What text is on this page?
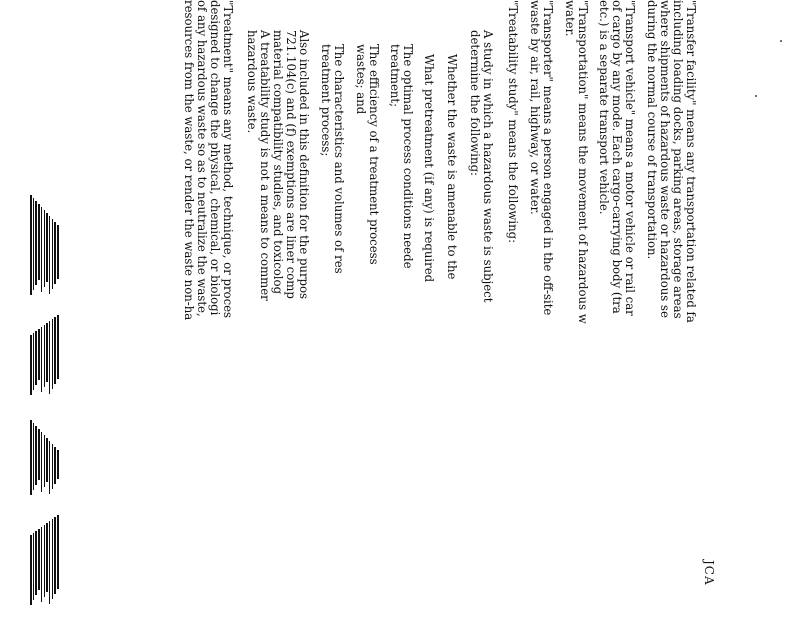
JCA
"Transfer facility" means any transportation related fa
including loading docks, parking areas, storage areas
where shipments of hazardous waste or hazardous se
during the normal course of transportation.
"Transport vehicle" means a motor vehicle or rail car
of cargo by any mode. Each cargo-carrying body (tra
etc.) is a separate transport vehicle.
"Transportation" means the movement of hazardous w
water.
"Transporter" means a person engaged in the off-site
waste by air, rail, highway, or water.
"Treatability study" means the following:
A study in which a hazardous waste is subject
determine the following:
Whether the waste is amenable to the
What pretreatment (if any) is required
The optimal process conditions neede
treatment;
The efficiency of a treatment process
wastes; and
The characteristics and volumes of res
treatment process;
Also included in this definition for the purpos
721.104(c) and (f) exemptions are liner comp
material compatibility studies, and toxicolog
A treatability study is not a means to commer
hazardous waste.
"Treatment" means any method, technique, or proces
designed to change the physical, chemical, or biologi
of any hazardous waste so as to neutralize the waste,
resources from the waste, or render the waste non-ha
